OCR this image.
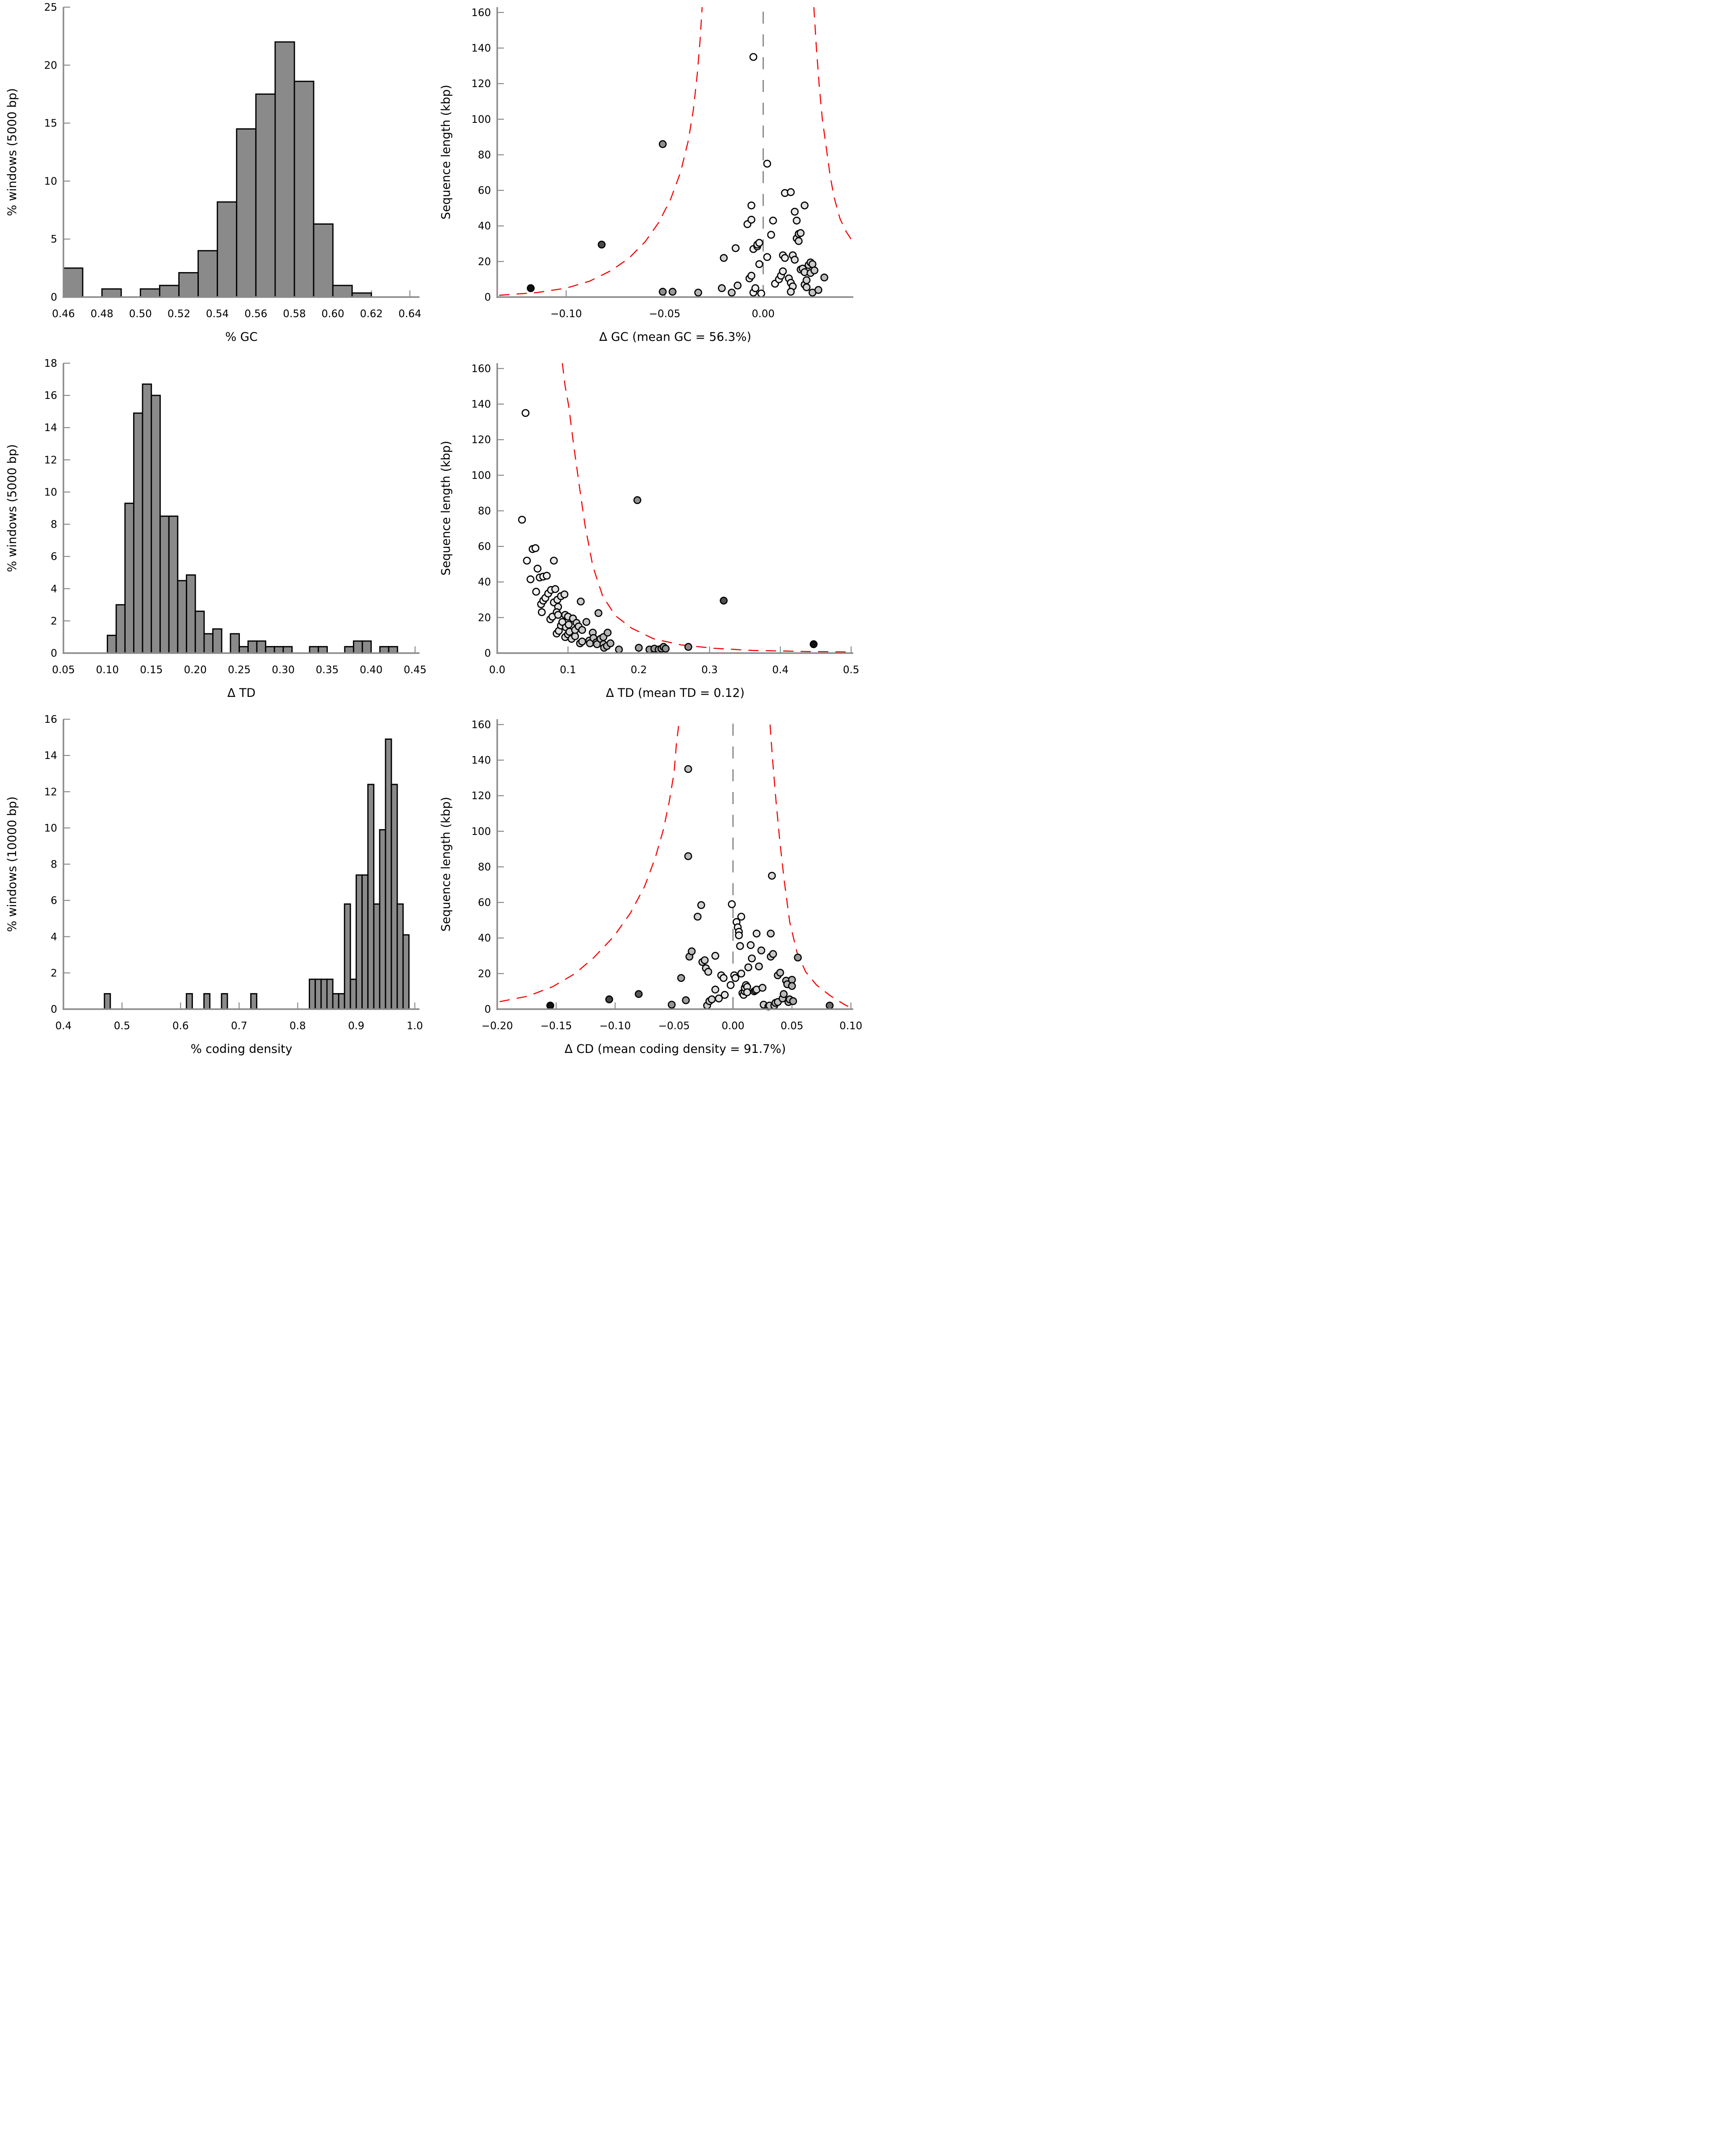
0.46 0.48 0.50 0.52 0.54 0.56 0.58 0.60 0.62 0.64
0
5
10
15
20
25
% GC
% windows (5000 bp)
−0.10	−0.05	0.00
0
20
40
60
80
100
120
140
160
Δ GC (mean GC = 56.3%)
Sequence length (kbp)
0.05 0.10 0.15 0.20 0.25 0.30 0.35 0.40 0.45
0
2
4
6
8
10
12
14
16
18
Δ TD
% windows (5000 bp)
0.0	0.1	0.2	0.3	0.4	0.5
0
20
40
60
80
100
120
140
160
Δ TD (mean TD = 0.12)
Sequence length (kbp)
0.4	0.5	0.6	0.7	0.8	0.9	1.0
0
2
4
6
8
10
12
14
16
% coding density
% windows (10000 bp)
−0.20	−0.15	−0.10	−0.05	0.00	0.05	0.10
0
20
40
60
80
100
120
140
160
Δ CD (mean coding density = 91.7%)
Sequence length (kbp)
